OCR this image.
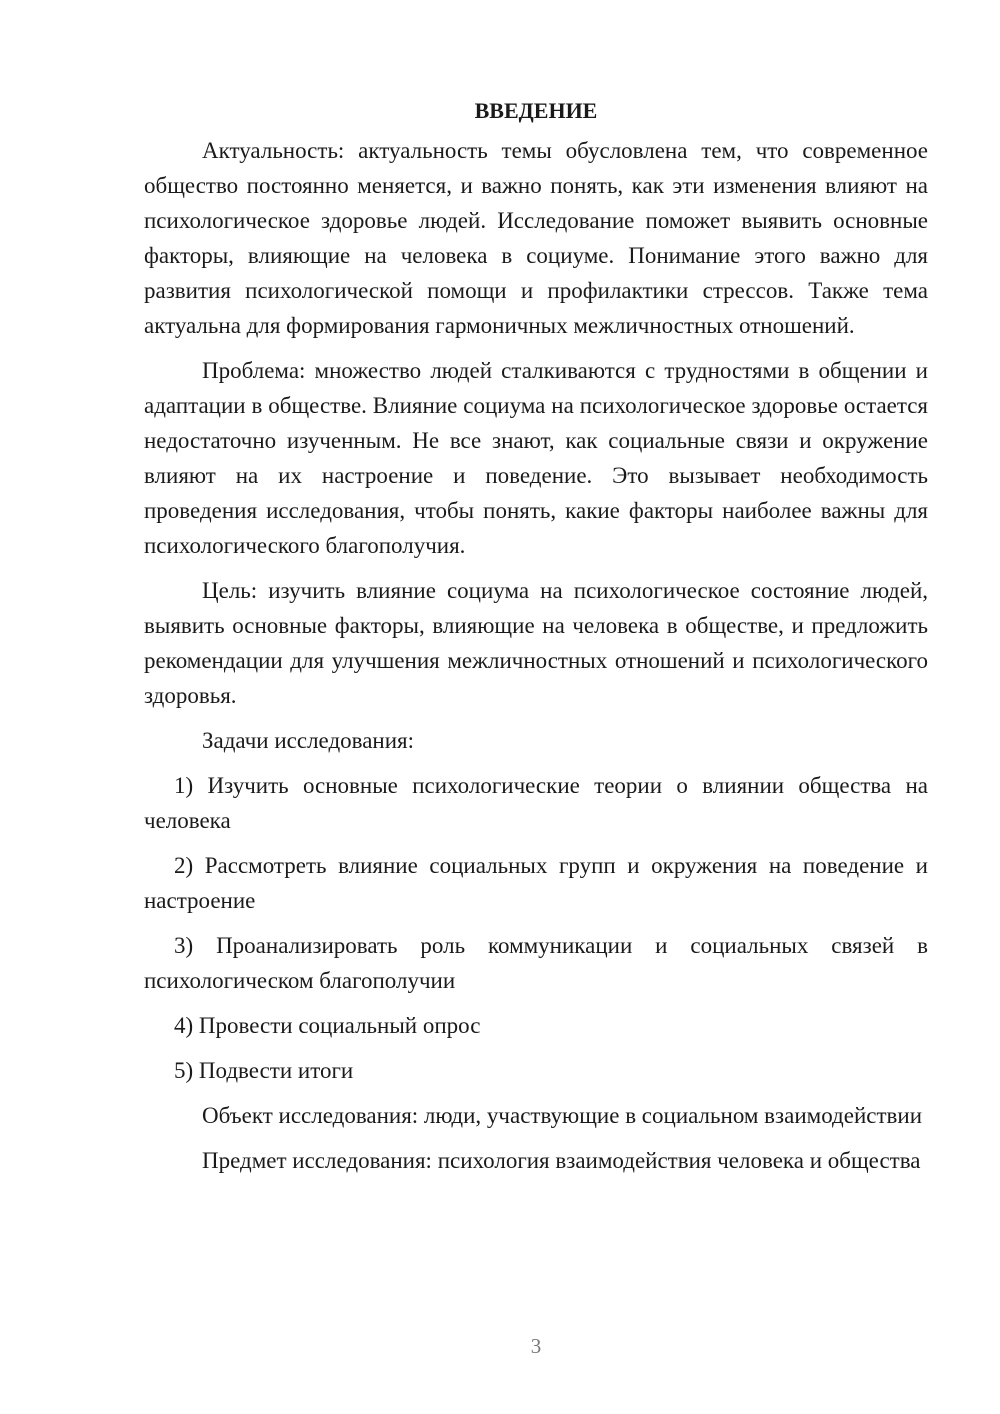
ВВЕДЕНИЕ

Актуальность: актуальность темы обусловлена тем, что современное общество постоянно меняется, и важно понять, как эти изменения влияют на психологическое здоровье людей. Исследование поможет выявить основные факторы, влияющие на человека в социуме. Понимание этого важно для развития психологической помощи и профилактики стрессов. Также тема актуальна для формирования гармоничных межличностных отношений.

Проблема: множество людей сталкиваются с трудностями в общении и адаптации в обществе. Влияние социума на психологическое здоровье остается недостаточно изученным. Не все знают, как социальные связи и окружение влияют на их настроение и поведение. Это вызывает необходимость проведения исследования, чтобы понять, какие факторы наиболее важны для психологического благополучия.

Цель: изучить влияние социума на психологическое состояние людей, выявить основные факторы, влияющие на человека в обществе, и предложить рекомендации для улучшения межличностных отношений и психологического здоровья.

Задачи исследования:

1) Изучить основные психологические теории о влиянии общества на человека

2) Рассмотреть влияние социальных групп и окружения на поведение и настроение

3) Проанализировать роль коммуникации и социальных связей в психологическом благополучии

4) Провести социальный опрос

5) Подвести итоги

Объект исследования: люди, участвующие в социальном взаимодействии

Предмет исследования: психология взаимодействия человека и общества

3
